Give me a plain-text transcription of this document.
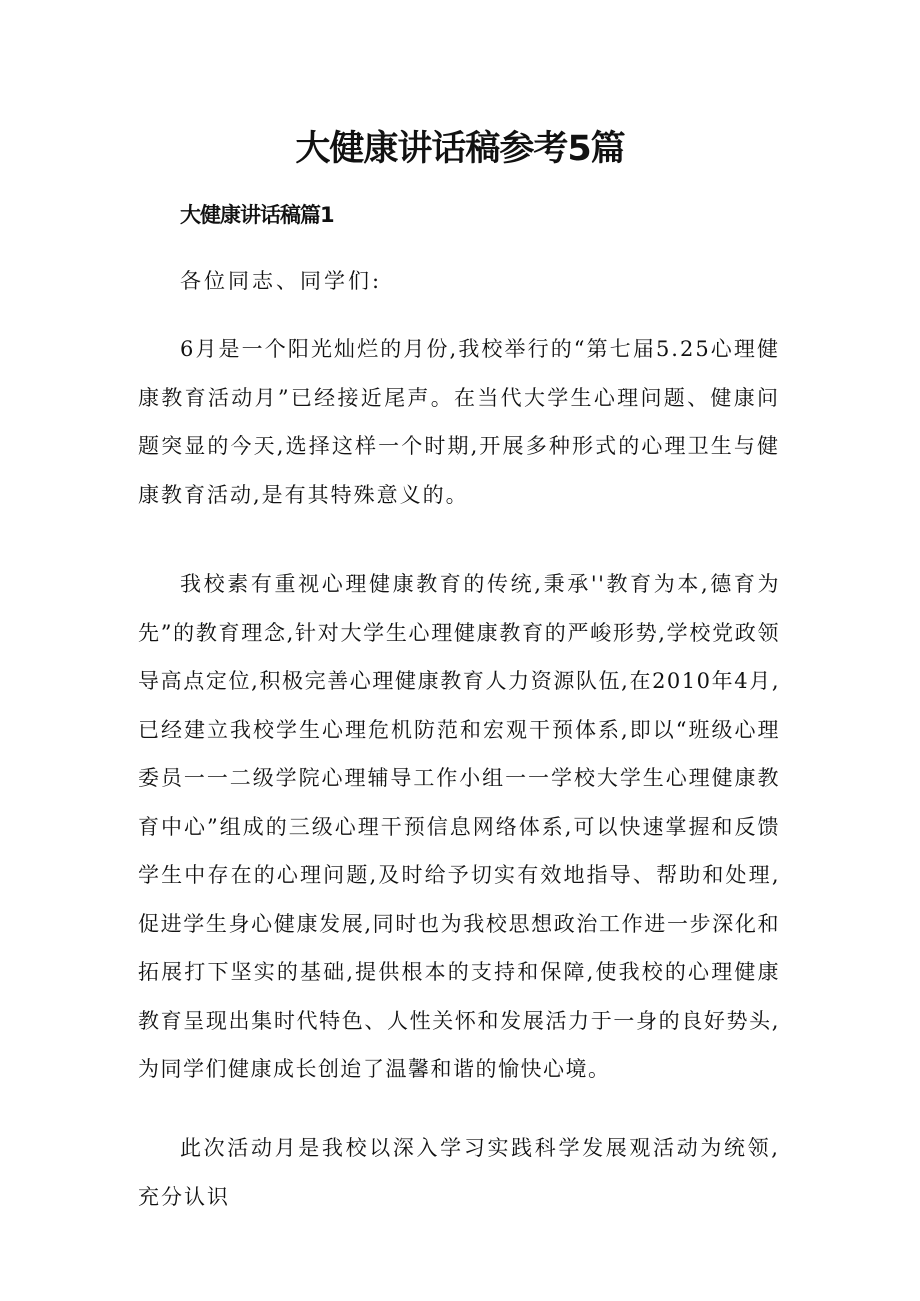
大健康讲话稿参考5篇
大健康讲话稿篇1

各位同志、同学们:

6月是一个阳光灿烂的月份,我校举行的“第七届5.25心理健康教育活动月”已经接近尾声。在当代大学生心理问题、健康问题突显的今天,选择这样一个时期,开展多种形式的心理卫生与健康教育活动,是有其特殊意义的。

我校素有重视心理健康教育的传统,秉承''教育为本,德育为先”的教育理念,针对大学生心理健康教育的严峻形势,学校党政领导高点定位,积极完善心理健康教育人力资源队伍,在2010年4月,已经建立我校学生心理危机防范和宏观干预体系,即以“班级心理委员一一二级学院心理辅导工作小组一一学校大学生心理健康教育中心”组成的三级心理干预信息网络体系,可以快速掌握和反馈学生中存在的心理问题,及时给予切实有效地指导、帮助和处理,促进学生身心健康发展,同时也为我校思想政治工作进一步深化和拓展打下坚实的基础,提供根本的支持和保障,使我校的心理健康教育呈现出集时代特色、人性关怀和发展活力于一身的良好势头,为同学们健康成长创迨了温馨和谐的愉快心境。

此次活动月是我校以深入学习实践科学发展观活动为统领,充分认识
